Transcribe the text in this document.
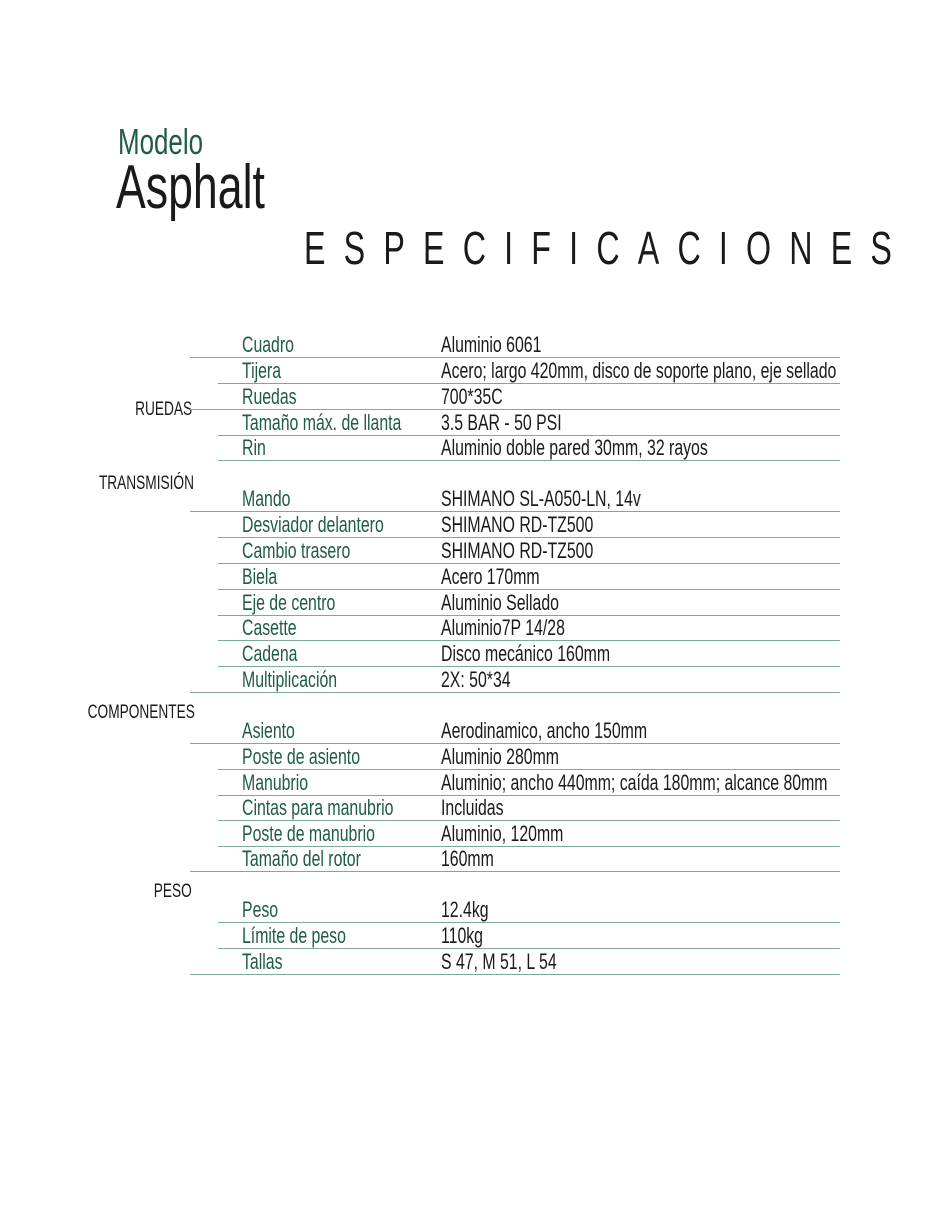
Modelo
Asphalt
ESPECIFICACIONES
RUEDAS
TRANSMISIÓN
COMPONENTES
PESO
Cuadro	Aluminio 6061
Tijera	Acero; largo 420mm, disco de soporte plano, eje sellado
Ruedas	700*35C
Tamaño máx. de llanta	3.5 BAR - 50 PSI
Rin	Aluminio doble pared 30mm, 32 rayos
Mando	SHIMANO SL-A050-LN, 14v
Desviador delantero	SHIMANO RD-TZ500
Cambio trasero	SHIMANO RD-TZ500
Biela	Acero 170mm
Eje de centro	Aluminio Sellado
Casette	Aluminio7P 14/28
Cadena	Disco mecánico 160mm
Multiplicación	2X: 50*34
Asiento	Aerodinamico, ancho 150mm
Poste de asiento	Aluminio 280mm
Manubrio	Aluminio; ancho 440mm; caída 180mm; alcance 80mm
Cintas para manubrio	Incluidas
Poste de manubrio	Aluminio, 120mm
Tamaño del rotor	160mm
Peso	12.4kg
Límite de peso	110kg
Tallas	S 47, M 51, L 54
